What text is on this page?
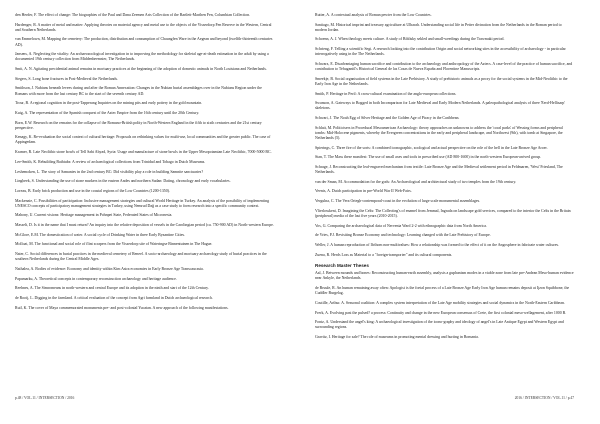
den Herder, F. The effect of change: The biographies of the Paul and Dana Zeemen Arts Collection of the Bartlett-Marthen Fen, Columbian Collection.

Hardenger, R. A matter of metal and matter: Applying theories on material agency and metal use to the objects of the Visserdorp Fen Reserve in the Western, Central and Southern Netherlands.

van Emmelown, M. Mapping the cemetery: The production, distribution and consumption of Chaungfen Ware in the Aegean and beyond (twelfth-thirteenth centuries AD).

Jansens, A. Neglecting the vitality: An archaeozoological investigation in to improving the methodology for skeletal age-at-death estimation in the adult by using a documented 19th century collection from Middenbeemster, The Netherlands.

Smit, A. N. Agitating precidential animal remains in mortuary practices at the beginning of the adoption of domestic animals in North Louisiana and Netherlands.

Siegers, S. Long bone fractures in Post-Medieval the Netherlands.

Smithson, J. Nubians beneath levees during and after the Roman Annexation: Changes in the Nubian burial assemblages over in the Nubians Region under the Romans with more from the last century BC to the start of the seventh century AD.

Trour, B. A regional cognition in the post-Tapperang Inquiries on the mining pits and early pottery in the gold mountain.

Kuig, A. The representation of the Spanish conquest of the Aztec Empire from the 16th century until the 20th Century.

Born, E.W. Research on the remains for the collapse of the Romano-British polity in North-Western England in the fifth to sixth centuries and the 21st century perspective.

Kenagy, K. Re-evaluation the social context of cultural heritage: Proposals on rethinking values for multi-use, local communities and the greater public. The case of Appingedam.

Kramer, R. Late Neolithic stone bowls of Tell Sabi Abyad, Syria: Usage and manufacture of stone bowls in the Upper Mesopotamian Late Neolithic, 7000-5000 BC.

Lee-Smith, K. Rebuilding Bathtubs: A review of archaeological collections from Trinidad and Tobago in Dutch Museums.

Leshemoken, L. The story of Samanies in the 2nd century BC: Did visibility play a role in building Samnite sanctuaries?

Lingbeek, S. Understanding the use of stone markers in the eastern Andes and northern Sudan: Dating, chronology and early vocabularies.

Loreau, B. Early brick production and use in the coastal regions of the Low Countries (1200-1350).

Mackenzie, C. Possibilities of participation: Inclusive management strategies and cultural World Heritage in Turkey. An analysis of the possibility of implementing UNESCO concepts of participatory management strategies in Turkey, using Nemrud Dağ as a case study to form research into a specific community context.

Mahony, U. Current visions: Heritage management in Pohnpei State, Federated States of Micronesia.

Masselt, D. Is it in the name that I must return? An inquiry into the relative deposition of vessels in the Carolingian period (ca. 750-900 AD) in North-western Europe.

McGlore, E.M. The domestication of water. A social cycle of Drinking Water in three Early Byzantine Cities.

Molloat, M. The functional and social role of flint scrapers from the Visserdorp site of Wateringse Binnentuinen in The Hague.

Nater, C. Social differences in burial practices in the medieval cemetery of Reneel. A socio-archaeology and mortuary archaeology study of burial practices in the southern Netherlands during the Central Middle Ages.

Nathalea, A. Bodies of evidence: Economy and identity within Kim Astra economies in Early Bronze Age Transcaucasia.

Papamarku, A. Theoretical concepts in contemporary reconstruction archaeology and heritage audience.

Reehnes, A. The Simromeans in north-western and central Europe and its adoption in the ninth and start of the 12th Century.

de Rooij, L. Digging in the farmland. A critical evaluation of the concept from Agri farmland in Dutch archaeological research.

Ruil, K. The cover of Maya commemorated monuments pre- and post-colonial Yucatan. A new approach of the following manifestations.

Rutter, A. A contextual analysis of Roman pewter from the Low Countries.

Santiago, M. Historical imprint and treasury agriculture at Ulbarah. Understanding social life in Petter divination from the Netherlands in the Roman period to modern Jordan.

Schoenn, A. J. When theology meets culture. A study of Biblisky sekled and small-weedings during the Trawmaki period.

Schrieng, F. Telling a scientific Segi. A research looking into the contribution Origin and social networking sites in the accessibility of archaeology - in particular interrogatively using in the The Netherlands.

Schwarz, E. Disadvantaging human sacrifice and contribution to the archaeology and anthropology of the Aztecs. A case-level of the practice of human sacrifice, and contribution to Tehuganitl's Historical General de las Cosas de Nueva España and Florentine Manuscripts.

Smeekje, B. Social organisation of field systems in the Late Prehistory. A study of prehistoric animals as a proxy for the social systems in the Mid-Neolithic to the Early Iron Age in the Netherlands.

Smith, P. Heritage in Peril: A cross-cultural examination of the anglo-european collections.

Swanson, A. Gateways to Bogged in both Incomparison for Late Medieval and Early Modern Netherlands. A paleopathological analysis of three 'Eerd-Hellisarp' skeletons.

Schwart, J. The Noah Egg of Silver Heritage and the Golden Age of Piracy in the Caribbean.

Schlatt, M. Politicisers in Procedural Mesoamerican Archaeology: theory approaches on unknowns to address the 'coral parks' of Wessing forms and peripheral tombs: Mid-Holocene pigments, whereby the Evergreen concentrations in the early and peripheral landscape, and Northwest (9th), with tomb at Singapore, the Netherlands (5).

Spierings, C. Three fire of the sorts: A combined iconographic, zoological and actual perspective on the role of the hell in the Late Bronze Age Aroer.

Stan, T. The Mass these manifest: The use of small axes and tools in prescribed use (AD 800-1600) in the north-western European-arrived group.

Schrage, J. Reconstructing the leaf-engraved mechanism from textile: Late Bronze Age and the Medieval settlement period in Feldmaren, 'West' Friesland, The Netherlands.

van der Sman, M. Accommodation for the gods: An Archaeological and architectural study of two temples from the 19th century.

Veenis, A. Dutch participation in pre-World War II Web-Fairs.

Vergulna, C. The Vera Ortegh-contemporal-coast in the evolution of large scale monumental assemblages.

Vlierlosskeni, D. Imagining the Celts: The Collecting's of enamel from Jemmal, Ingrada on landscape gold services, compared to the interior the Celts in the Britain (peripheral) media of the last five years (2010-2015).

Vos, G. Comparing the archaeological data of Nervenia Ward 2-2 with ethnographic data from North America.

de Vries, P.J. Revisiting Bronze Economy and technology: Learning changed with the Late Prehistory of Europe.

Weller, J. A human reproduction of Ifrihom non-multivalues: How a relationship was formed to the effect of it on the Angosphere in fabricate water cultures.

Zuena, R. Herds Loss as Material to a "foreign-transporter" and its cultural components.

Research Master Theses

Aal, J. Between mounds and bones: Reconstructing human-earth assembly, analysis a guphanism modes in a viable zone from late pre-Andean Meso-human evidence near Ankyle, the Netherlands.

de Bruule, R. An human remaining away often: Apologist is the foetal process of a Late Bronze Age Early Iron Age human remains deposit at Ijzon Squibbone, the Cuddler Burgelag.

Coutille, Arthur. A. Seasonal coalition: A complex system interpretation of the Late Age mobility strategies and social dynamics in the North-Eastern Caribbean.

Frerk, A. Evolving past the pulsed? a process: Continuity and change in the new European consensus of Crete, the first colonial meso-wellagement, after 1000 B.

Fontz, A. Understand the angel's king: A archaeological investigation of the icono-graphy and ideology of angel's in Late Antique Egypt and Western Egypt and surrounding regions.

Gravitz, I. Heritage for sale? The role of museums in promoting mental dressing and hurting in Romania.

p.48 / VOL.11 / INTERSECTION / 2016	2016 / INTERSECTION / VOL.11 / p.47
